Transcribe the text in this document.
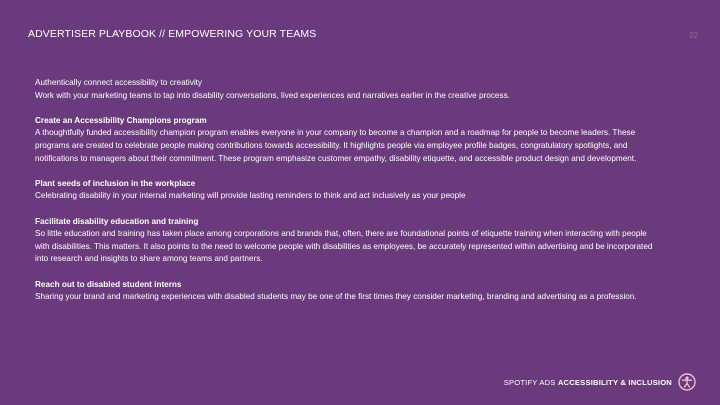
ADVERTISER PLAYBOOK // EMPOWERING YOUR TEAMS	22
Authentically connect accessibility to creativity
Work with your marketing teams to tap into disability conversations, lived experiences and narratives earlier in the creative process.
Create an Accessibility Champions program
A thoughtfully funded accessibility champion program enables everyone in your company to become a champion and a roadmap for people to become leaders. These programs are created to celebrate people making contributions towards accessibility. It highlights people via employee profile badges, congratulatory spotlights, and notifications to managers about their commitment. These program emphasize customer empathy, disability etiquette, and accessible product design and development.
Plant seeds of inclusion in the workplace
Celebrating disability in your internal marketing will provide lasting reminders to think and act inclusively as your people
Facilitate disability education and training
So little education and training has taken place among corporations and brands that, often, there are foundational points of etiquette training when interacting with people with disabilities. This matters. It also points to the need to welcome people with disabilities as employees, be accurately represented within advertising and be incorporated into research and insights to share among teams and partners.
Reach out to disabled student interns
Sharing your brand and marketing experiences with disabled students may be one of the first times they consider marketing, branding and advertising as a profession.
SPOTIFY ADS ACCESSIBILITY & INCLUSION
